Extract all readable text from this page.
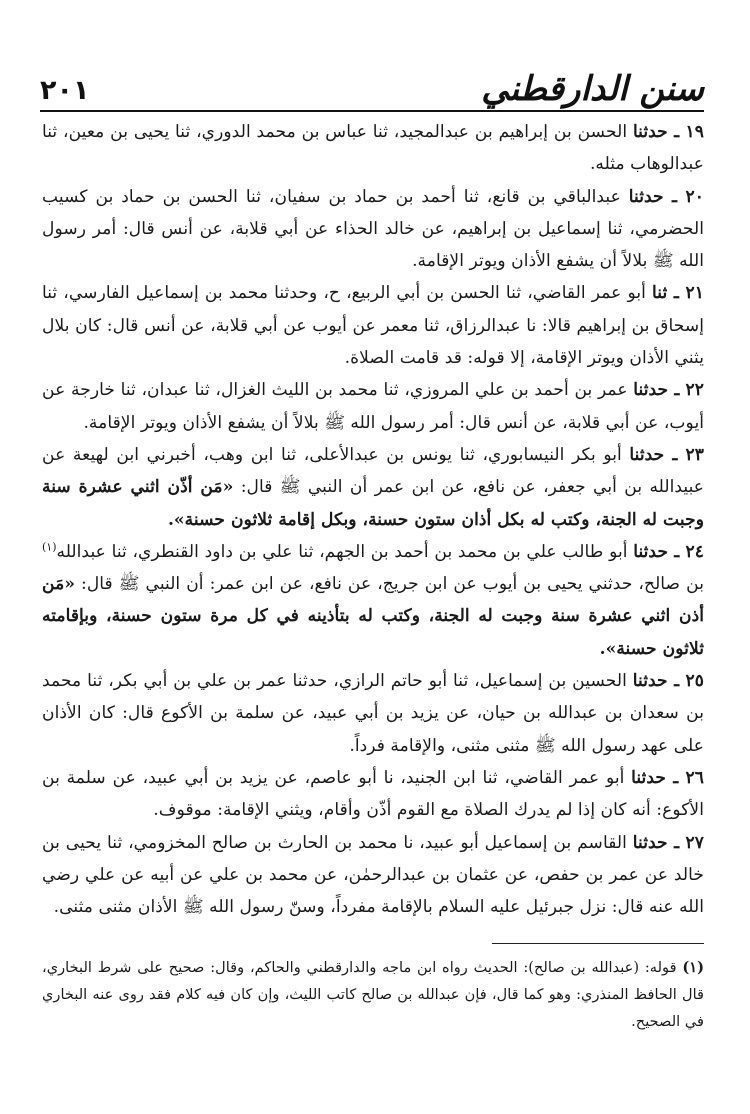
سنن الدارقطني
٢٠١

١٩ ـ حدثنا الحسن بن إبراهيم بن عبدالمجيد، ثنا عباس بن محمد الدوري، ثنا يحيى بن معين، ثنا عبدالوهاب مثله.

٢٠ ـ حدثنا عبدالباقي بن قانع، ثنا أحمد بن حماد بن سفيان، ثنا الحسن بن حماد بن كسيب الحضرمي، ثنا إسماعيل بن إبراهيم، عن خالد الحذاء عن أبي قلابة، عن أنس قال: أمر رسول الله ﷺ بلالاً أن يشفع الأذان ويوتر الإقامة.

٢١ ـ ثنا أبو عمر القاضي، ثنا الحسن بن أبي الربيع، ح، وحدثنا محمد بن إسماعيل الفارسي، ثنا إسحاق بن إبراهيم قالا: نا عبدالرزاق، ثنا معمر عن أيوب عن أبي قلابة، عن أنس قال: كان بلال يثني الأذان ويوتر الإقامة، إلا قوله: قد قامت الصلاة.

٢٢ ـ حدثنا عمر بن أحمد بن علي المروزي، ثنا محمد بن الليث الغزال، ثنا عبدان، ثنا خارجة عن أيوب، عن أبي قلابة، عن أنس قال: أمر رسول الله ﷺ بلالاً أن يشفع الأذان ويوتر الإقامة.

٢٣ ـ حدثنا أبو بكر النيسابوري، ثنا يونس بن عبدالأعلى، ثنا ابن وهب، أخبرني ابن لهيعة عن عبيدالله بن أبي جعفر، عن نافع، عن ابن عمر أن النبي ﷺ قال: «مَن أذّن اثني عشرة سنة وجبت له الجنة، وكتب له بكل أذان ستون حسنة، وبكل إقامة ثلاثون حسنة».

٢٤ ـ حدثنا أبو طالب علي بن محمد بن أحمد بن الجهم، ثنا علي بن داود القنطري، ثنا عبدالله$^{(١)}$ بن صالح، حدثني يحيى بن أيوب عن ابن جريج، عن نافع، عن ابن عمر: أن النبي ﷺ قال: «مَن أذن اثني عشرة سنة وجبت له الجنة، وكتب له بتأذينه في كل مرة ستون حسنة، وبإقامته ثلاثون حسنة».

٢٥ ـ حدثنا الحسين بن إسماعيل، ثنا أبو حاتم الرازي، حدثنا عمر بن علي بن أبي بكر، ثنا محمد بن سعدان بن عبدالله بن حيان، عن يزيد بن أبي عبيد، عن سلمة بن الأكوع قال: كان الأذان على عهد رسول الله ﷺ مثنى مثنى، والإقامة فرداً.

٢٦ ـ حدثنا أبو عمر القاضي، ثنا ابن الجنيد، نا أبو عاصم، عن يزيد بن أبي عبيد، عن سلمة بن الأكوع: أنه كان إذا لم يدرك الصلاة مع القوم أذّن وأقام، ويثني الإقامة: موقوف.

٢٧ ـ حدثنا القاسم بن إسماعيل أبو عبيد، نا محمد بن الحارث بن صالح المخزومي، ثنا يحيى بن خالد عن عمر بن حفص، عن عثمان بن عبدالرحمٰن، عن محمد بن علي عن أبيه عن علي رضي الله عنه قال: نزل جبرئيل عليه السلام بالإقامة مفرداً، وسنّ رسول الله ﷺ الأذان مثنى مثنى.

(١) قوله: (عبدالله بن صالح): الحديث رواه ابن ماجه والدارقطني والحاكم، وقال: صحيح على شرط البخاري، قال الحافظ المنذري: وهو كما قال، فإن عبدالله بن صالح كاتب الليث، وإن كان فيه كلام فقد روى عنه البخاري في الصحيح.
